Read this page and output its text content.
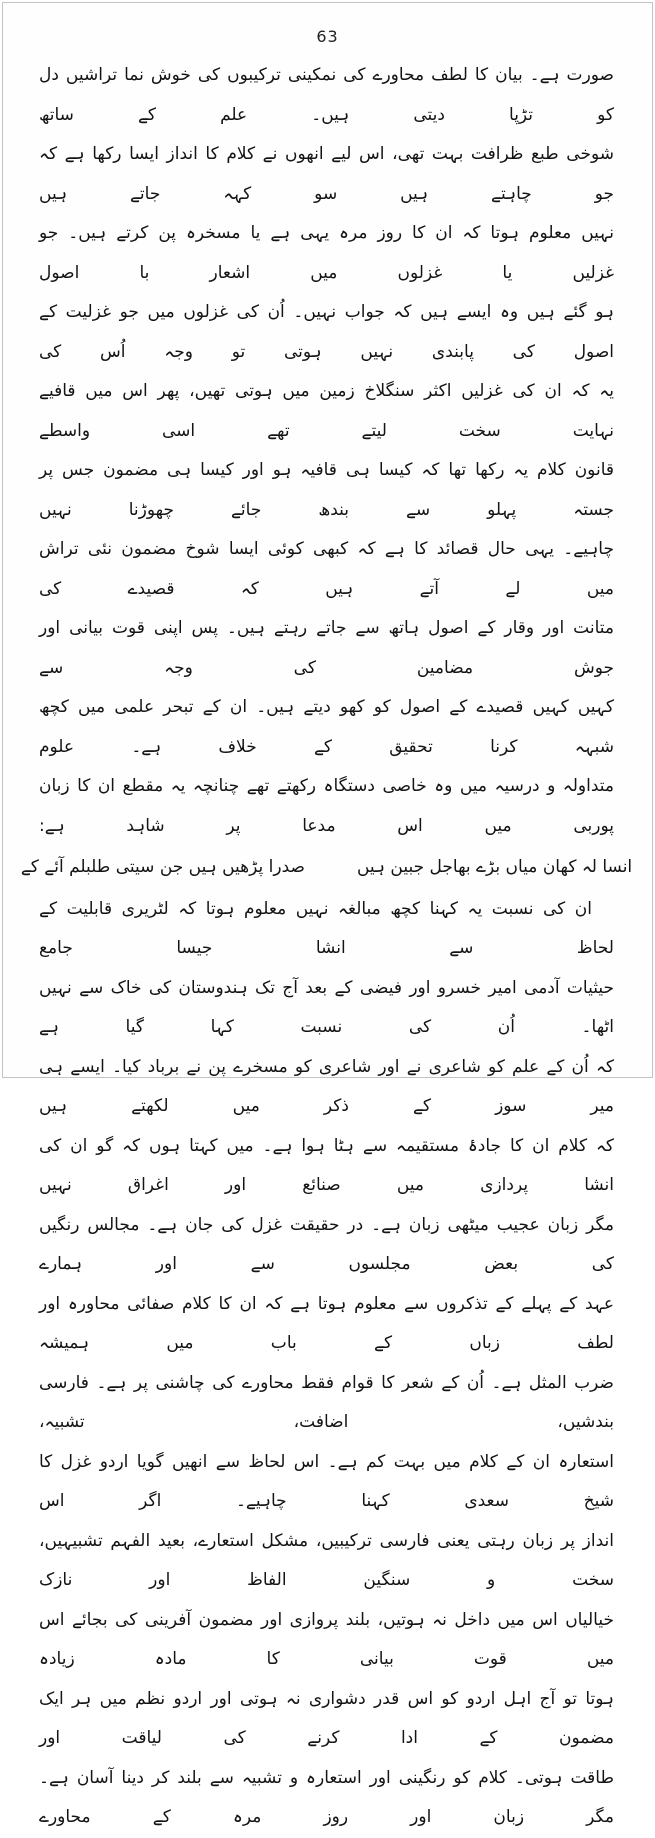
63

صورت ہے۔ بیان کا لطف محاورے کی نمکینی ترکیبوں کی خوش نما تراشیں دل کو تڑپا دیتی ہیں۔ علم کے ساتھ

شوخی طبع ظرافت بہت تھی، اس لیے انھوں نے کلام کا انداز ایسا رکھا ہے کہ جو چاہتے ہیں سو کہہ جاتے ہیں

نہیں معلوم ہوتا کہ ان کا روز مرہ یہی ہے یا مسخرہ پن کرتے ہیں۔ جو غزلیں یا غزلوں میں اشعار با اصول

ہو گئے ہیں وہ ایسے ہیں کہ جواب نہیں۔ اُن کی غزلوں میں جو غزلیت کے اصول کی پابندی نہیں ہوتی تو وجہ اُس کی

یہ کہ ان کی غزلیں اکثر سنگلاخ زمین میں ہوتی تھیں، پھر اس میں قافیے نہایت سخت لیتے تھے اسی واسطے

قانون کلام یہ رکھا تھا کہ کیسا ہی قافیہ ہو اور کیسا ہی مضمون جس پر جستہ پہلو سے بندھ جائے چھوڑنا نہیں

چاہیے۔ یہی حال قصائد کا ہے کہ کبھی کوئی ایسا شوخ مضمون نئی تراش میں لے آتے ہیں کہ قصیدے کی

متانت اور وقار کے اصول ہاتھ سے جاتے رہتے ہیں۔ پس اپنی قوت بیانی اور جوش مضامین کی وجہ سے

کہیں کہیں قصیدے کے اصول کو کھو دیتے ہیں۔ ان کے تبحر علمی میں کچھ شبہہ کرنا تحقیق کے خلاف ہے۔ علوم

متداولہ و درسیہ میں وہ خاصی دستگاہ رکھتے تھے چنانچہ یہ مقطع ان کا زبان پوربی میں اس مدعا پر شاہد ہے:

انسا لہ کھان میاں بڑے بھاجل جبین ہیں
صدرا پڑھیں ہیں جن سیتی طلبلم آئے کے

ان کی نسبت یہ کہنا کچھ مبالغہ نہیں معلوم ہوتا کہ لٹریری قابلیت کے لحاظ سے انشا جیسا جامع

حیثیات آدمی امیر خسرو اور فیضی کے بعد آج تک ہندوستان کی خاک سے نہیں اٹھا۔ اُن کی نسبت کہا گیا ہے

کہ اُن کے علم کو شاعری نے اور شاعری کو مسخرے پن نے برباد کیا۔ ایسے ہی میر سوز کے ذکر میں لکھتے ہیں

کہ کلام ان کا جادۂ مستقیمہ سے ہٹا ہوا ہے۔ میں کہتا ہوں کہ گو ان کی انشا پردازی میں صنائع اور اغراق نہیں

مگر زبان عجیب میٹھی زبان ہے۔ در حقیقت غزل کی جان ہے۔ مجالس رنگیں کی بعض مجلسوں سے اور ہمارے

عہد کے پہلے کے تذکروں سے معلوم ہوتا ہے کہ ان کا کلام صفائی محاورہ اور لطف زباں کے باب میں ہمیشہ

ضرب المثل ہے۔ اُن کے شعر کا قوام فقط محاورے کی چاشنی پر ہے۔ فارسی بندشیں، اضافت، تشبیہ،

استعارہ ان کے کلام میں بہت کم ہے۔ اس لحاظ سے انھیں گویا اردو غزل کا شیخ سعدی کہنا چاہیے۔ اگر اس

انداز پر زبان رہتی یعنی فارسی ترکیبیں، مشکل استعارے، بعید الفہم تشبیہیں، سخت و سنگین الفاظ اور نازک

خیالیاں اس میں داخل نہ ہوتیں، بلند پروازی اور مضمون آفرینی کی بجائے اس میں قوت بیانی کا مادہ زیادہ

ہوتا تو آج اہل اردو کو اس قدر دشواری نہ ہوتی اور اردو نظم میں ہر ایک مضمون کے ادا کرنے کی لیاقت اور

طاقت ہوتی۔ کلام کو رنگینی اور استعارہ و تشبیہ سے بلند کر دینا آسان ہے۔ مگر زبان اور روز مرہ کے محاورے
